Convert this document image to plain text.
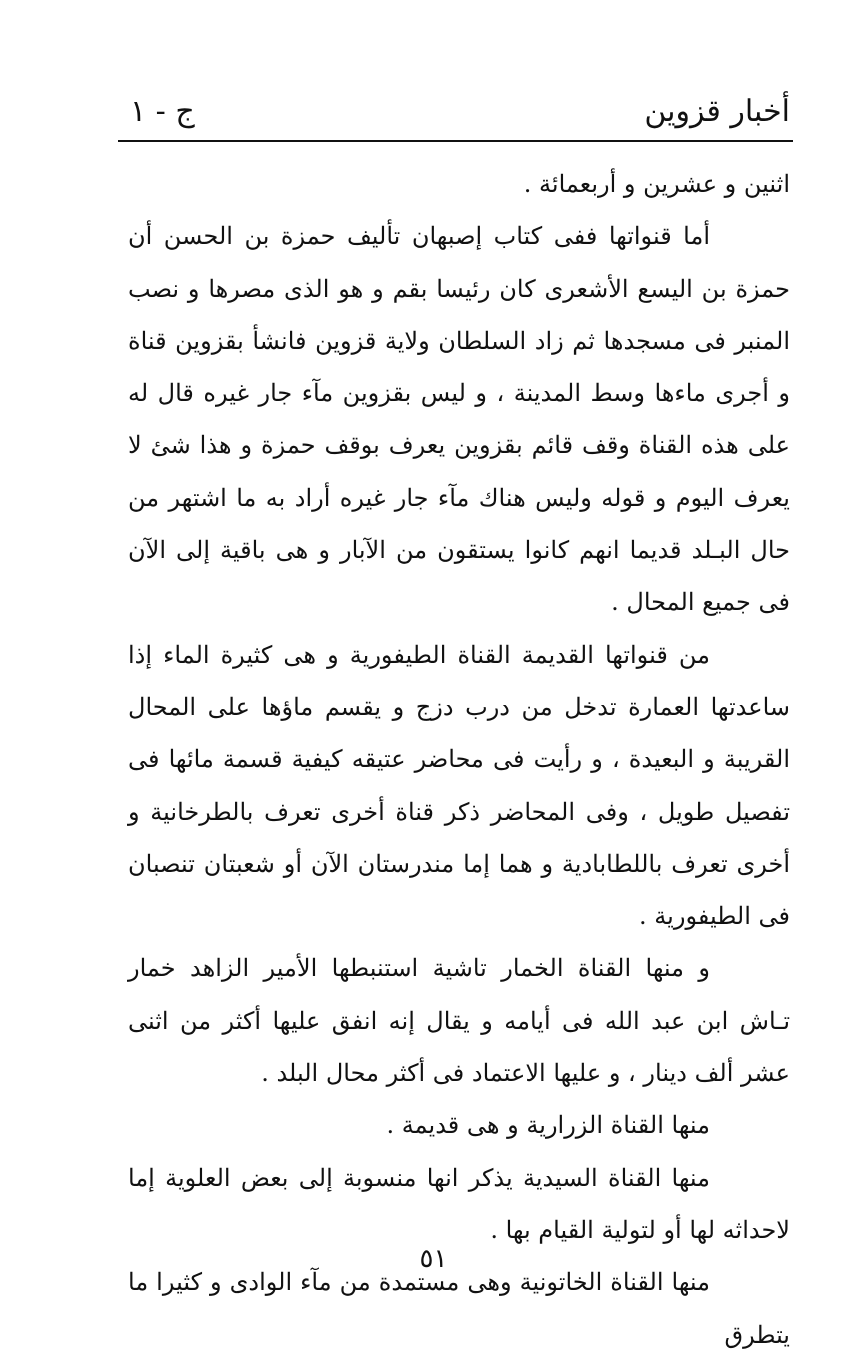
أخبار قزوين
ج - ١

اثنين و عشرين و أربعمائة .

أما قنواتها ففى كتاب إصبهان تأليف حمزة بن الحسن أن حمزة بن اليسع الأشعرى كان رئيسا بقم و هو الذى مصرها و نصب المنبر فى مسجدها ثم زاد السلطان ولاية قزوين فانشأ بقزوين قناة و أجرى ماءها وسط المدينة ، و ليس بقزوين مآء جار غيره قال له على هذه القناة وقف قائم بقزوين يعرف بوقف حمزة و هذا شئ لا يعرف اليوم و قوله وليس هناك مآء جار غيره أراد به ما اشتهر من حال البـلد قديما انهم كانوا يستقون من الآبار و هى باقية إلى الآن فى جميع المحال .

من قنواتها القديمة القناة الطيفورية و هى كثيرة الماء إذا ساعدتها العمارة تدخل من درب دزج و يقسم ماؤها على المحال القريبة و البعيدة ، و رأيت فى محاضر عتيقه كيفية قسمة مائها فى تفصيل طويل ، وفى المحاضر ذكر قناة أخرى تعرف بالطرخانية و أخرى تعرف باللطابادية و هما إما مندرستان الآن أو شعبتان تنصبان فى الطيفورية .

و منها القناة الخمار تاشية استنبطها الأمير الزاهد خمار تـاش ابن عبد الله فى أيامه و يقال إنه انفق عليها أكثر من اثنى عشر ألف دينار ، و عليها الاعتماد فى أكثر محال البلد .

منها القناة الزرارية و هى قديمة .

منها القناة السيدية يذكر انها منسوبة إلى بعض العلوية إما لاحداثه لها أو لتولية القيام بها .

منها القناة الخاتونية وهى مستمدة من مآء الوادى و كثيرا ما يتطرق

٥١
